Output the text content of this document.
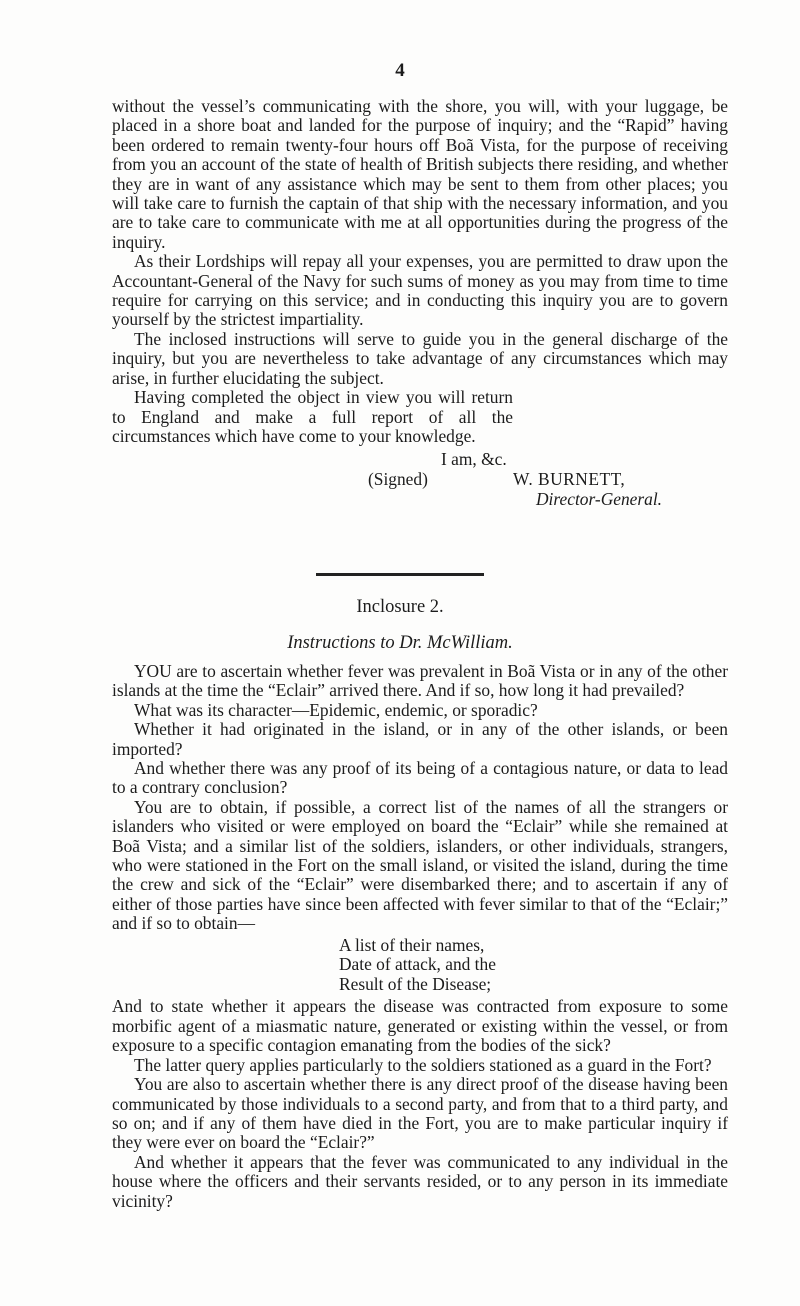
4

without the vessel’s communicating with the shore, you will, with your luggage, be placed in a shore boat and landed for the purpose of inquiry; and the “Rapid” having been ordered to remain twenty-four hours off Boã Vista, for the purpose of receiving from you an account of the state of health of British subjects there residing, and whether they are in want of any assistance which may be sent to them from other places; you will take care to furnish the captain of that ship with the necessary information, and you are to take care to communicate with me at all opportunities during the progress of the inquiry.

As their Lordships will repay all your expenses, you are permitted to draw upon the Accountant-General of the Navy for such sums of money as you may from time to time require for carrying on this service; and in conducting this inquiry you are to govern yourself by the strictest impartiality.

The inclosed instructions will serve to guide you in the general discharge of the inquiry, but you are nevertheless to take advantage of any circumstances which may arise, in further elucidating the subject.

Having completed the object in view you will return to England and make a full report of all the circumstances which have come to your knowledge.

I am, &c.
(Signed)	W. BURNETT,
Director-General.
Inclosure 2.
Instructions to Dr. McWilliam.

YOU are to ascertain whether fever was prevalent in Boã Vista or in any of the other islands at the time the “Eclair” arrived there. And if so, how long it had prevailed?

What was its character—Epidemic, endemic, or sporadic?

Whether it had originated in the island, or in any of the other islands, or been imported?

And whether there was any proof of its being of a contagious nature, or data to lead to a contrary conclusion?

You are to obtain, if possible, a correct list of the names of all the strangers or islanders who visited or were employed on board the “Eclair” while she remained at Boã Vista; and a similar list of the soldiers, islanders, or other individuals, strangers, who were stationed in the Fort on the small island, or visited the island, during the time the crew and sick of the “Eclair” were disembarked there; and to ascertain if any of either of those parties have since been affected with fever similar to that of the “Eclair;” and if so to obtain—

A list of their names,
Date of attack, and the
Result of the Disease;

And to state whether it appears the disease was contracted from exposure to some morbific agent of a miasmatic nature, generated or existing within the vessel, or from exposure to a specific contagion emanating from the bodies of the sick?

The latter query applies particularly to the soldiers stationed as a guard in the Fort?

You are also to ascertain whether there is any direct proof of the disease having been communicated by those individuals to a second party, and from that to a third party, and so on; and if any of them have died in the Fort, you are to make particular inquiry if they were ever on board the “Eclair?”

And whether it appears that the fever was communicated to any individual in the house where the officers and their servants resided, or to any person in its immediate vicinity?
